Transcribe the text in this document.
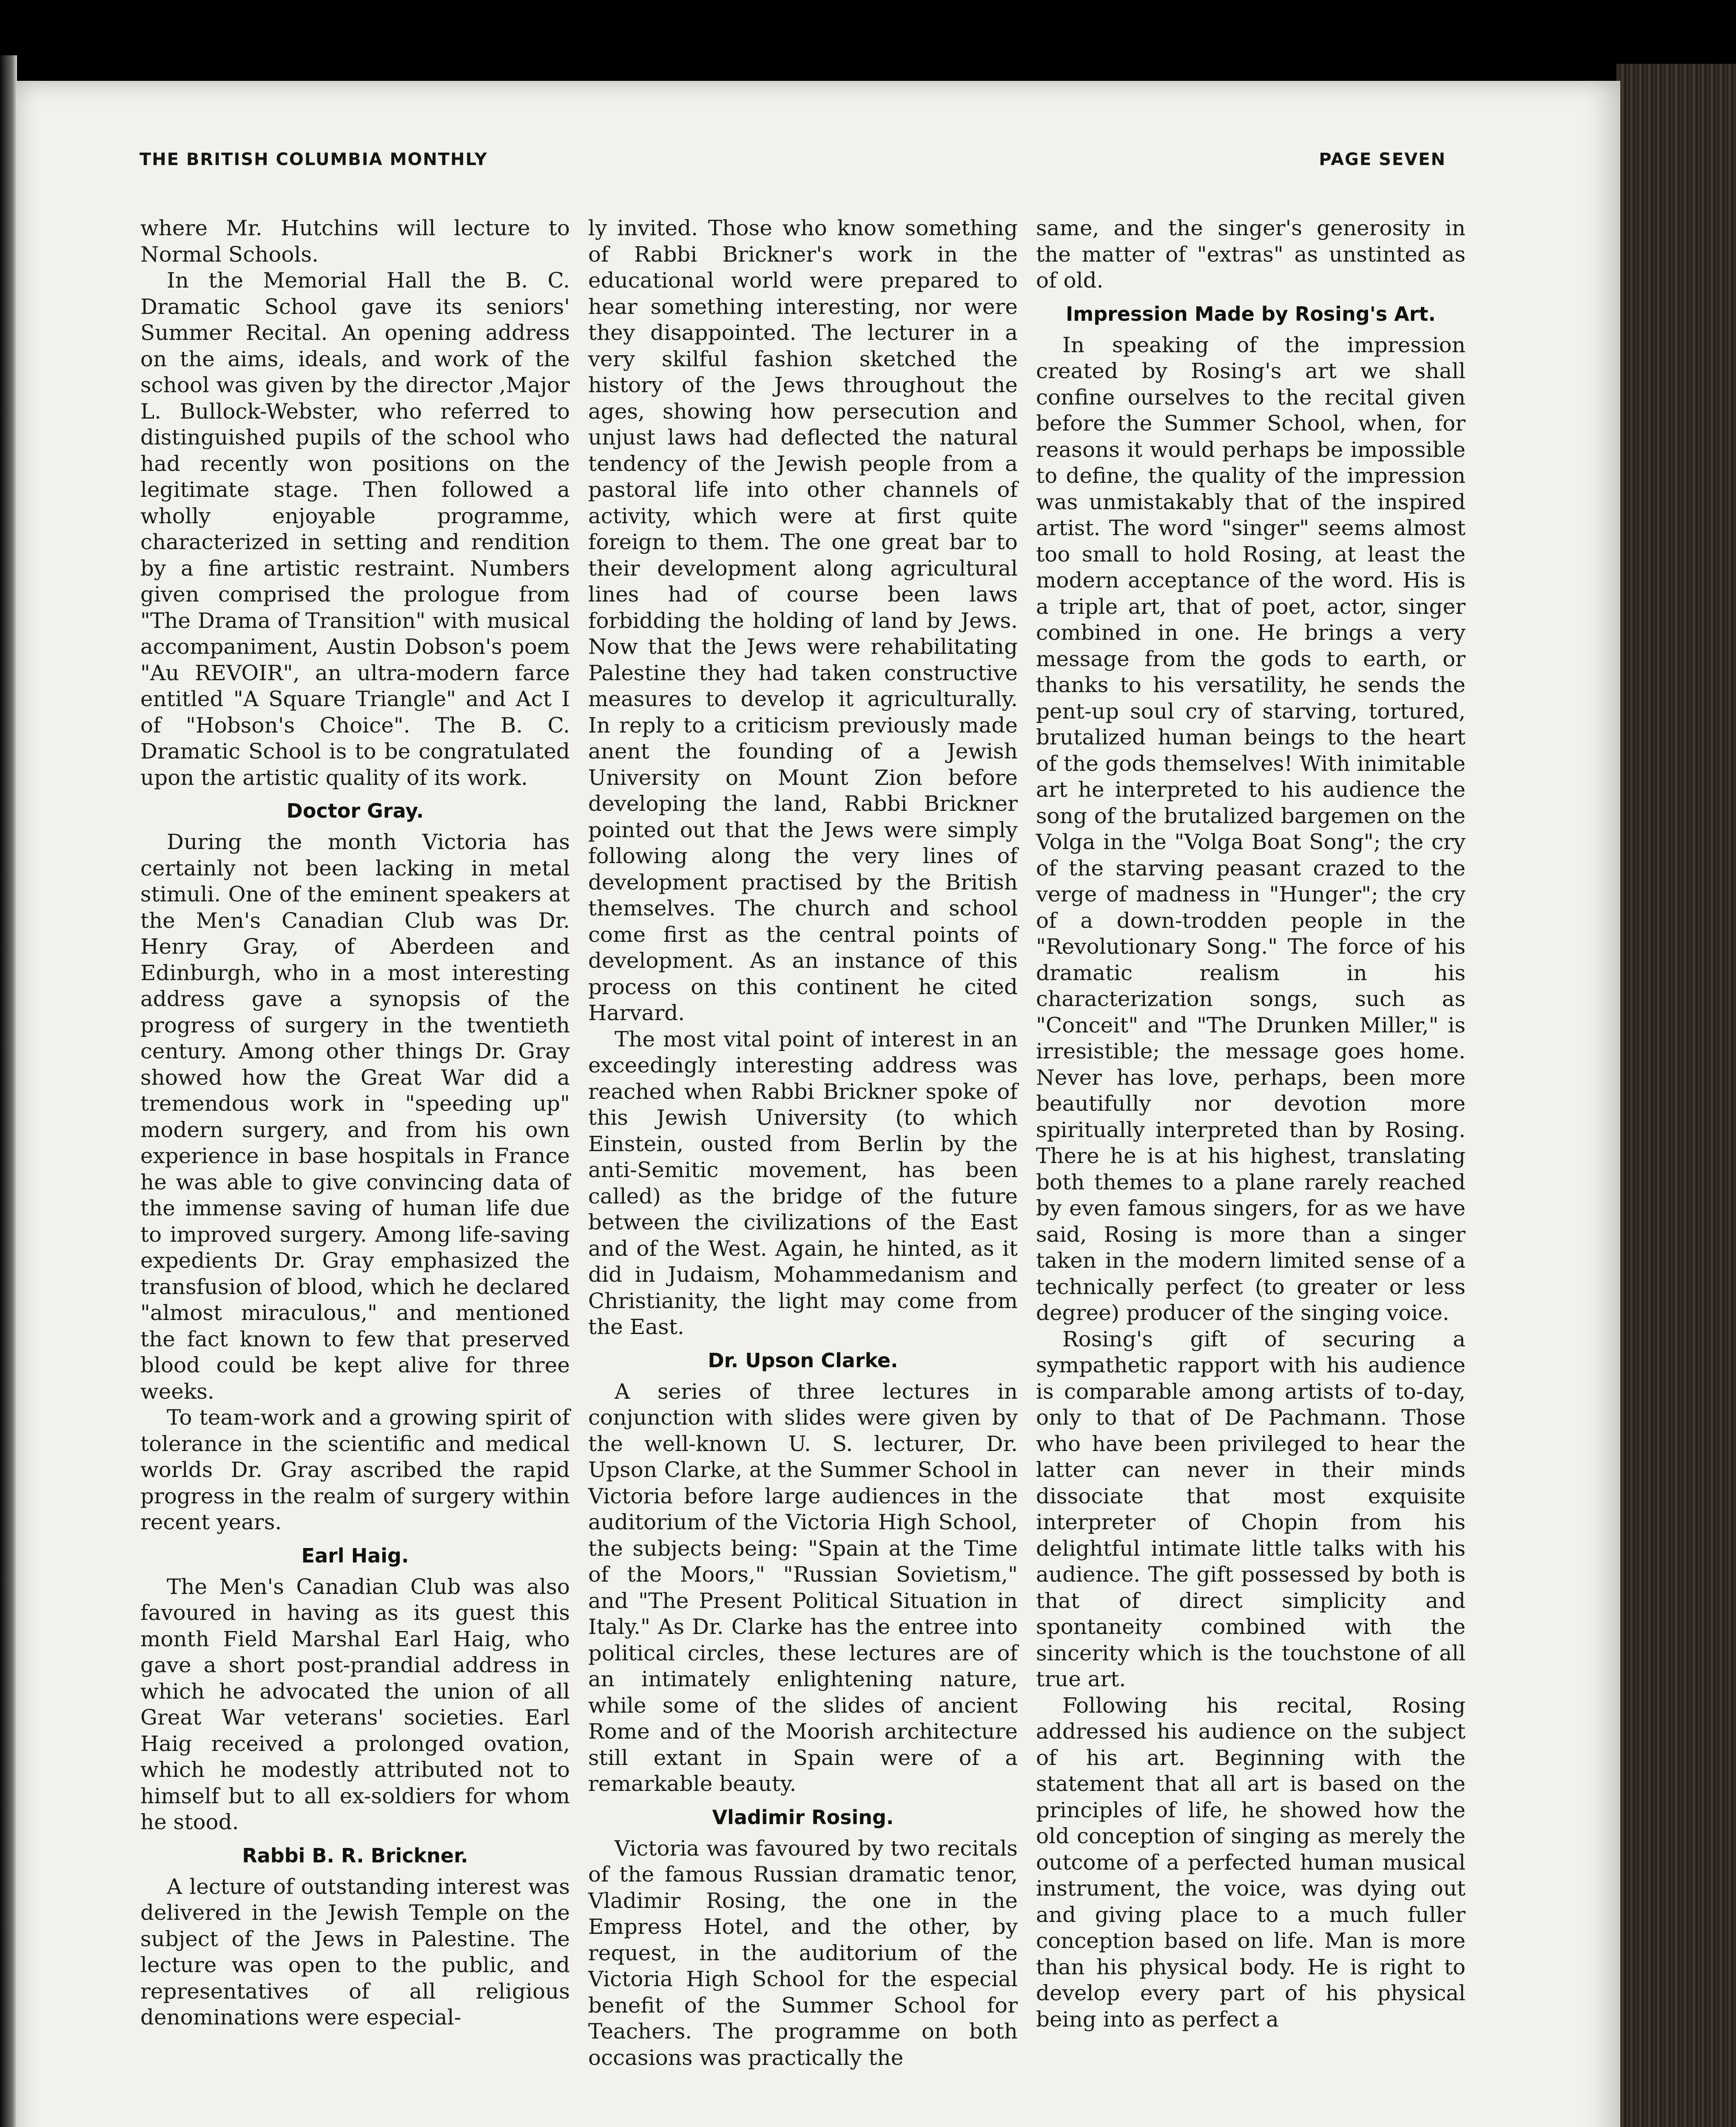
THE BRITISH COLUMBIA MONTHLY	PAGE SEVEN

where Mr. Hutchins will lecture to Normal Schools.

In the Memorial Hall the B. C. Dramatic School gave its seniors' Summer Recital. An opening address on the aims, ideals, and work of the school was given by the director ,Major L. Bullock-Webster, who referred to distinguished pupils of the school who had recently won positions on the legitimate stage. Then followed a wholly enjoyable programme, characterized in setting and rendition by a fine artistic restraint. Numbers given comprised the prologue from "The Drama of Transition" with musical accompaniment, Austin Dobson's poem "Au REVOIR", an ultra-modern farce entitled "A Square Triangle" and Act I of "Hobson's Choice". The B. C. Dramatic School is to be congratulated upon the artistic quality of its work.

Doctor Gray.

During the month Victoria has certainly not been lacking in metal stimuli. One of the eminent speakers at the Men's Canadian Club was Dr. Henry Gray, of Aberdeen and Edinburgh, who in a most interesting address gave a synopsis of the progress of surgery in the twentieth century. Among other things Dr. Gray showed how the Great War did a tremendous work in "speeding up" modern surgery, and from his own experience in base hospitals in France he was able to give convincing data of the immense saving of human life due to improved surgery. Among life-saving expedients Dr. Gray emphasized the transfusion of blood, which he declared "almost miraculous," and mentioned the fact known to few that preserved blood could be kept alive for three weeks.

To team-work and a growing spirit of tolerance in the scientific and medical worlds Dr. Gray ascribed the rapid progress in the realm of surgery within recent years.

Earl Haig.

The Men's Canadian Club was also favoured in having as its guest this month Field Marshal Earl Haig, who gave a short post-prandial address in which he advocated the union of all Great War veterans' societies. Earl Haig received a prolonged ovation, which he modestly attributed not to himself but to all ex-soldiers for whom he stood.

Rabbi B. R. Brickner.

A lecture of outstanding interest was delivered in the Jewish Temple on the subject of the Jews in Palestine. The lecture was open to the public, and representatives of all religious denominations were especial-

ly invited. Those who know something of Rabbi Brickner's work in the educational world were prepared to hear something interesting, nor were they disappointed. The lecturer in a very skilful fashion sketched the history of the Jews throughout the ages, showing how persecution and unjust laws had deflected the natural tendency of the Jewish people from a pastoral life into other channels of activity, which were at first quite foreign to them. The one great bar to their development along agricultural lines had of course been laws forbidding the holding of land by Jews. Now that the Jews were rehabilitating Palestine they had taken constructive measures to develop it agriculturally. In reply to a criticism previously made anent the founding of a Jewish University on Mount Zion before developing the land, Rabbi Brickner pointed out that the Jews were simply following along the very lines of development practised by the British themselves. The church and school come first as the central points of development. As an instance of this process on this continent he cited Harvard.

The most vital point of interest in an exceedingly interesting address was reached when Rabbi Brickner spoke of this Jewish University (to which Einstein, ousted from Berlin by the anti-Semitic movement, has been called) as the bridge of the future between the civilizations of the East and of the West. Again, he hinted, as it did in Judaism, Mohammedanism and Christianity, the light may come from the East.

Dr. Upson Clarke.

A series of three lectures in conjunction with slides were given by the well-known U. S. lecturer, Dr. Upson Clarke, at the Summer School in Victoria before large audiences in the auditorium of the Victoria High School, the subjects being: "Spain at the Time of the Moors," "Russian Sovietism," and "The Present Political Situation in Italy." As Dr. Clarke has the entree into political circles, these lectures are of an intimately enlightening nature, while some of the slides of ancient Rome and of the Moorish architecture still extant in Spain were of a remarkable beauty.

Vladimir Rosing.

Victoria was favoured by two recitals of the famous Russian dramatic tenor, Vladimir Rosing, the one in the Empress Hotel, and the other, by request, in the auditorium of the Victoria High School for the especial benefit of the Summer School for Teachers. The programme on both occasions was practically the

same, and the singer's generosity in the matter of "extras" as unstinted as of old.

Impression Made by Rosing's Art.

In speaking of the impression created by Rosing's art we shall confine ourselves to the recital given before the Summer School, when, for reasons it would perhaps be impossible to define, the quality of the impression was unmistakably that of the inspired artist. The word "singer" seems almost too small to hold Rosing, at least the modern acceptance of the word. His is a triple art, that of poet, actor, singer combined in one. He brings a very message from the gods to earth, or thanks to his versatility, he sends the pent-up soul cry of starving, tortured, brutalized human beings to the heart of the gods themselves! With inimitable art he interpreted to his audience the song of the brutalized bargemen on the Volga in the "Volga Boat Song"; the cry of the starving peasant crazed to the verge of madness in "Hunger"; the cry of a down-trodden people in the "Revolutionary Song." The force of his dramatic realism in his characterization songs, such as "Conceit" and "The Drunken Miller," is irresistible; the message goes home. Never has love, perhaps, been more beautifully nor devotion more spiritually interpreted than by Rosing. There he is at his highest, translating both themes to a plane rarely reached by even famous singers, for as we have said, Rosing is more than a singer taken in the modern limited sense of a technically perfect (to greater or less degree) producer of the singing voice.

Rosing's gift of securing a sympathetic rapport with his audience is comparable among artists of to-day, only to that of De Pachmann. Those who have been privileged to hear the latter can never in their minds dissociate that most exquisite interpreter of Chopin from his delightful intimate little talks with his audience. The gift possessed by both is that of direct simplicity and spontaneity combined with the sincerity which is the touchstone of all true art.

Following his recital, Rosing addressed his audience on the subject of his art. Beginning with the statement that all art is based on the principles of life, he showed how the old conception of singing as merely the outcome of a perfected human musical instrument, the voice, was dying out and giving place to a much fuller conception based on life. Man is more than his physical body. He is right to develop every part of his physical being into as perfect a
